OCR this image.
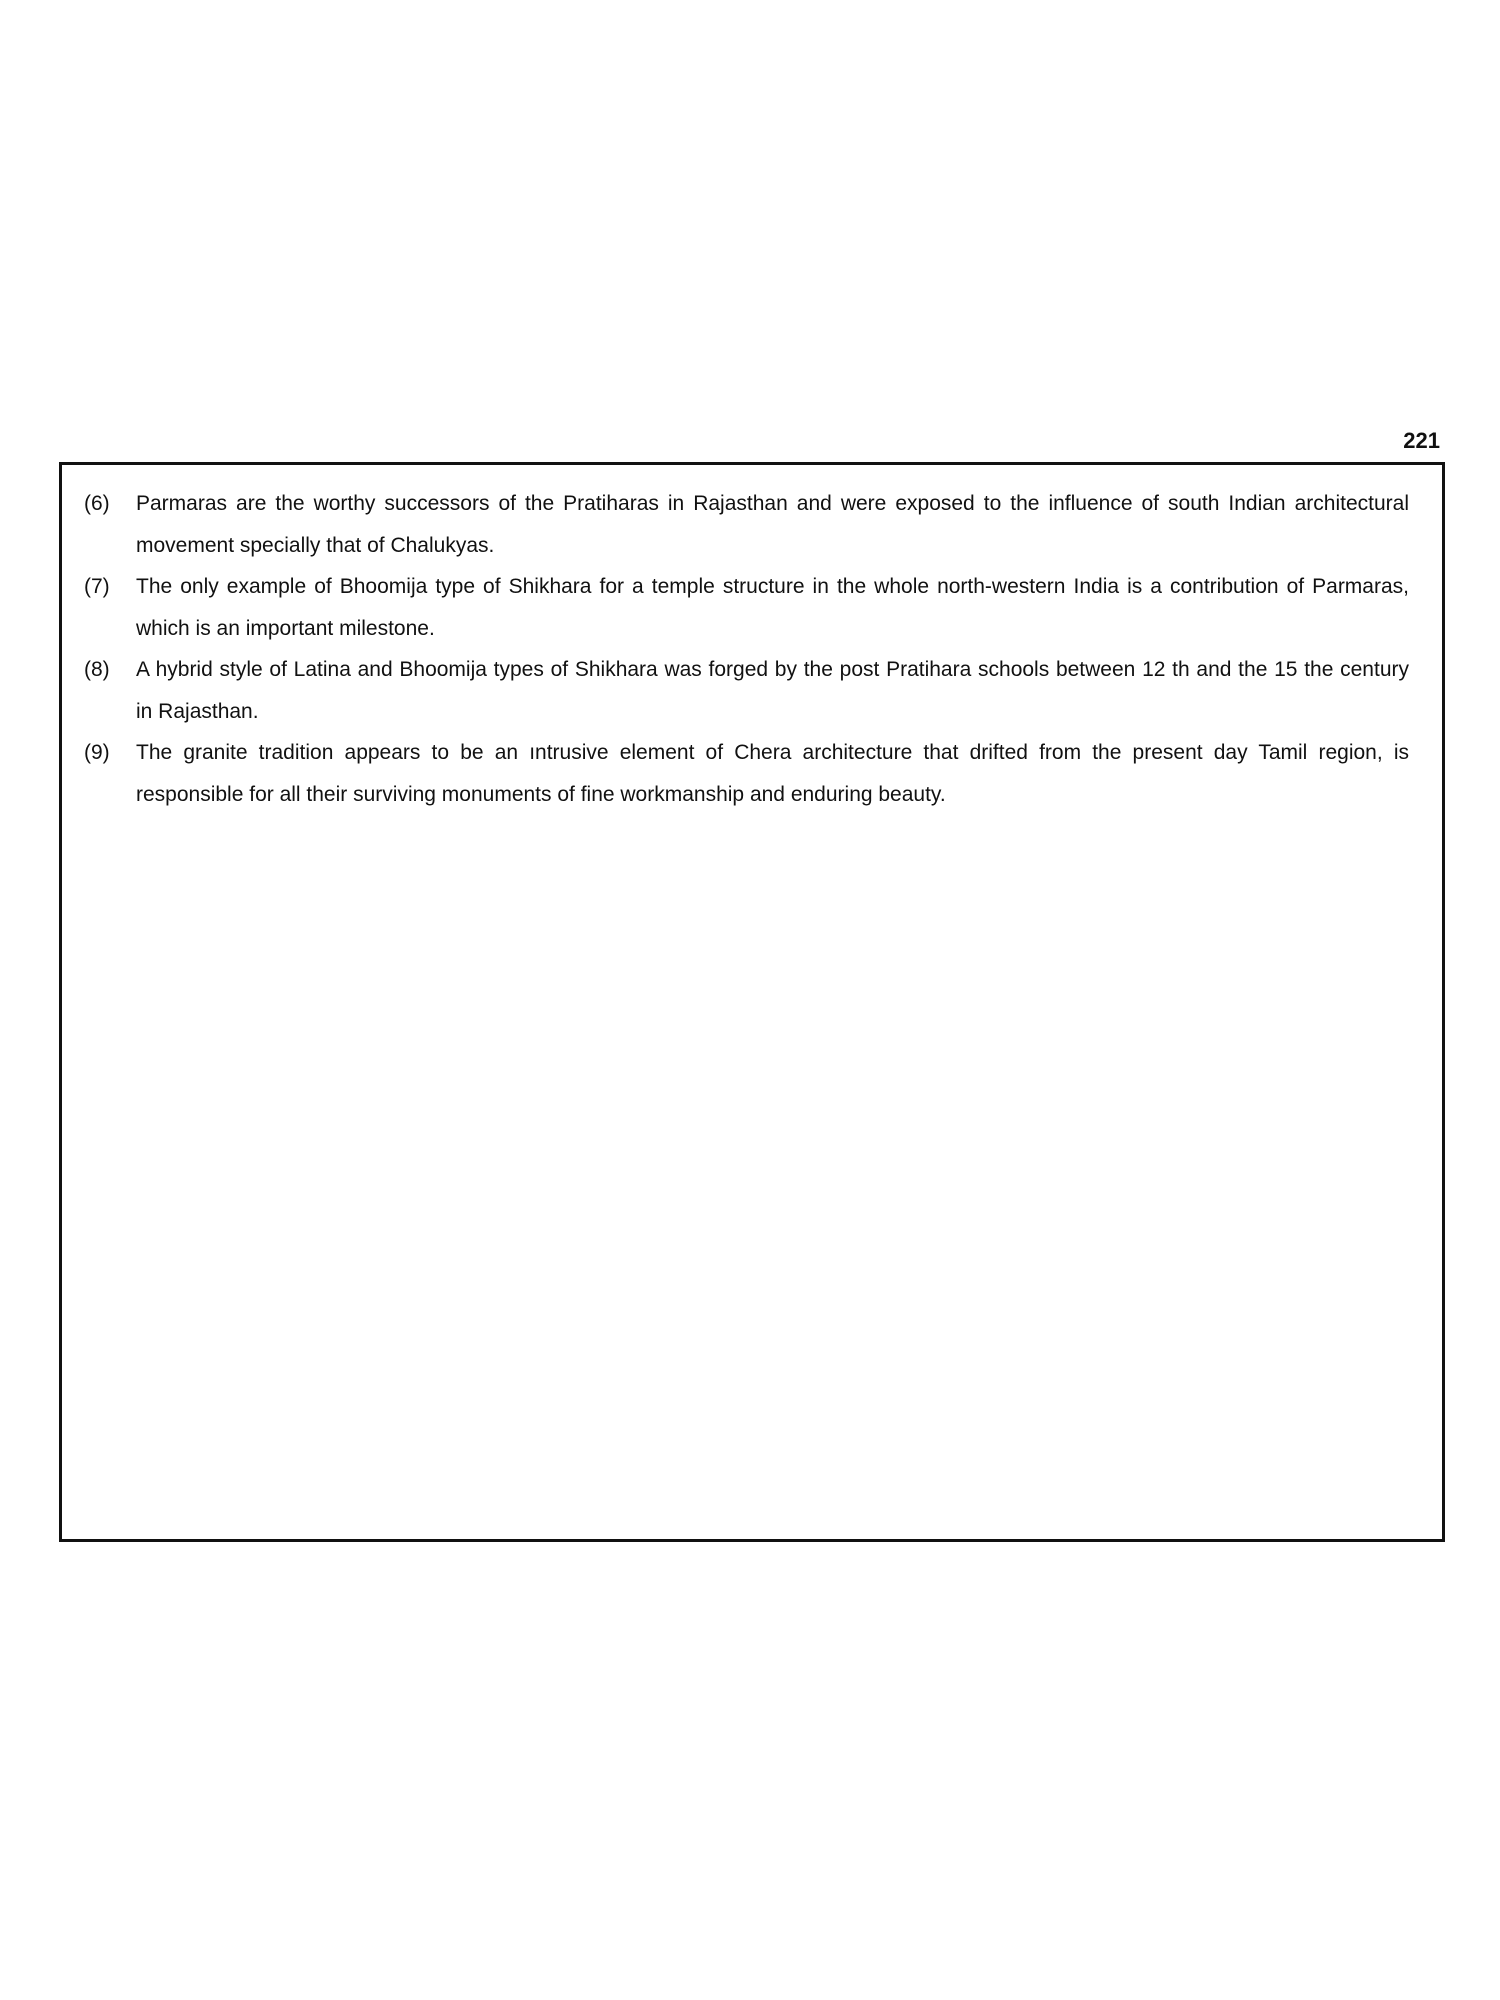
221
(6)	Parmaras are the worthy successors of the Pratiharas in Rajasthan and were exposed to the influence of south Indian architectural movement specially that of Chalukyas.
(7)	The only example of Bhoomija type of Shikhara for a temple structure in the whole north-western India is a contribution of Parmaras, which is an important milestone.
(8)	A hybrid style of Latina and Bhoomija types of Shikhara was forged by the post Pratihara schools between 12 th and the 15 the century in Rajasthan.
(9)	The granite tradition appears to be an ıntrusive element of Chera architecture that drifted from the present day Tamil region, is responsible for all their surviving monuments of fine workmanship and enduring beauty.
